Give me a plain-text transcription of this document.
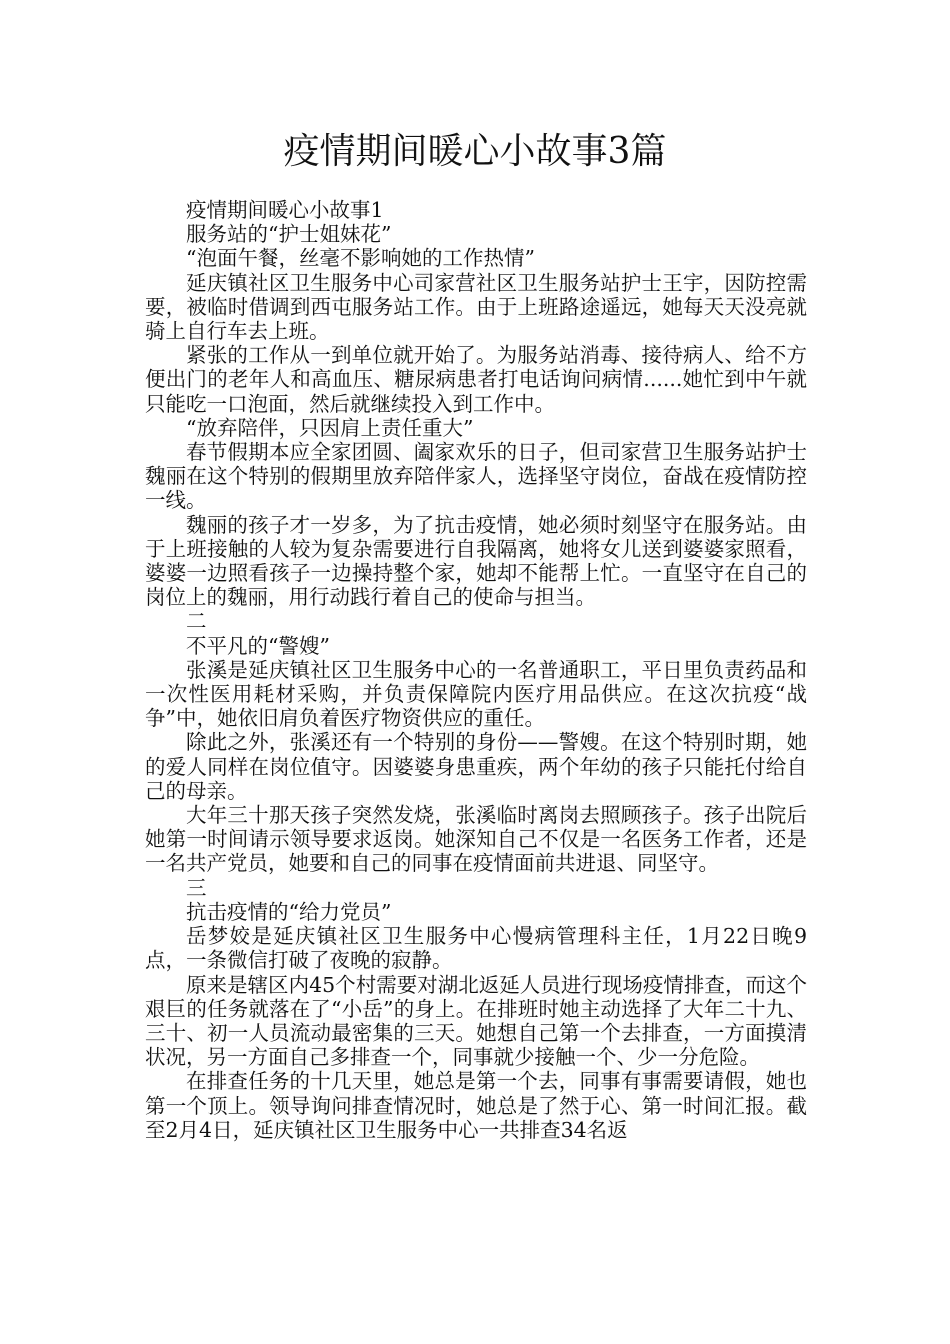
疫情期间暖心小故事3篇

疫情期间暖心小故事1

服务站的“护士姐妹花”

“泡面午餐，丝毫不影响她的工作热情”

延庆镇社区卫生服务中心司家营社区卫生服务站护士王宇，因防控需要，被临时借调到西屯服务站工作。由于上班路途遥远，她每天天没亮就骑上自行车去上班。

紧张的工作从一到单位就开始了。为服务站消毒、接待病人、给不方便出门的老年人和高血压、糖尿病患者打电话询问病情......她忙到中午就只能吃一口泡面，然后就继续投入到工作中。

“放弃陪伴，只因肩上责任重大”

春节假期本应全家团圆、阖家欢乐的日子，但司家营卫生服务站护士魏丽在这个特别的假期里放弃陪伴家人，选择坚守岗位，奋战在疫情防控一线。

魏丽的孩子才一岁多，为了抗击疫情，她必须时刻坚守在服务站。由于上班接触的人较为复杂需要进行自我隔离，她将女儿送到婆婆家照看，婆婆一边照看孩子一边操持整个家，她却不能帮上忙。一直坚守在自己的岗位上的魏丽，用行动践行着自己的使命与担当。

二

不平凡的“警嫂”

张溪是延庆镇社区卫生服务中心的一名普通职工，平日里负责药品和一次性医用耗材采购，并负责保障院内医疗用品供应。在这次抗疫“战争”中，她依旧肩负着医疗物资供应的重任。

除此之外，张溪还有一个特别的身份——警嫂。在这个特别时期，她的爱人同样在岗位值守。因婆婆身患重疾，两个年幼的孩子只能托付给自己的母亲。

大年三十那天孩子突然发烧，张溪临时离岗去照顾孩子。孩子出院后她第一时间请示领导要求返岗。她深知自己不仅是一名医务工作者，还是一名共产党员，她要和自己的同事在疫情面前共进退、同坚守。

三

抗击疫情的“给力党员”

岳梦姣是延庆镇社区卫生服务中心慢病管理科主任，1月22日晚9点，一条微信打破了夜晚的寂静。

原来是辖区内45个村需要对湖北返延人员进行现场疫情排查，而这个艰巨的任务就落在了“小岳”的身上。在排班时她主动选择了大年二十九、三十、初一人员流动最密集的三天。她想自己第一个去排查，一方面摸清状况，另一方面自己多排查一个，同事就少接触一个、少一分危险。

在排查任务的十几天里，她总是第一个去，同事有事需要请假，她也第一个顶上。领导询问排查情况时，她总是了然于心、第一时间汇报。截至2月4日，延庆镇社区卫生服务中心一共排查34名返
